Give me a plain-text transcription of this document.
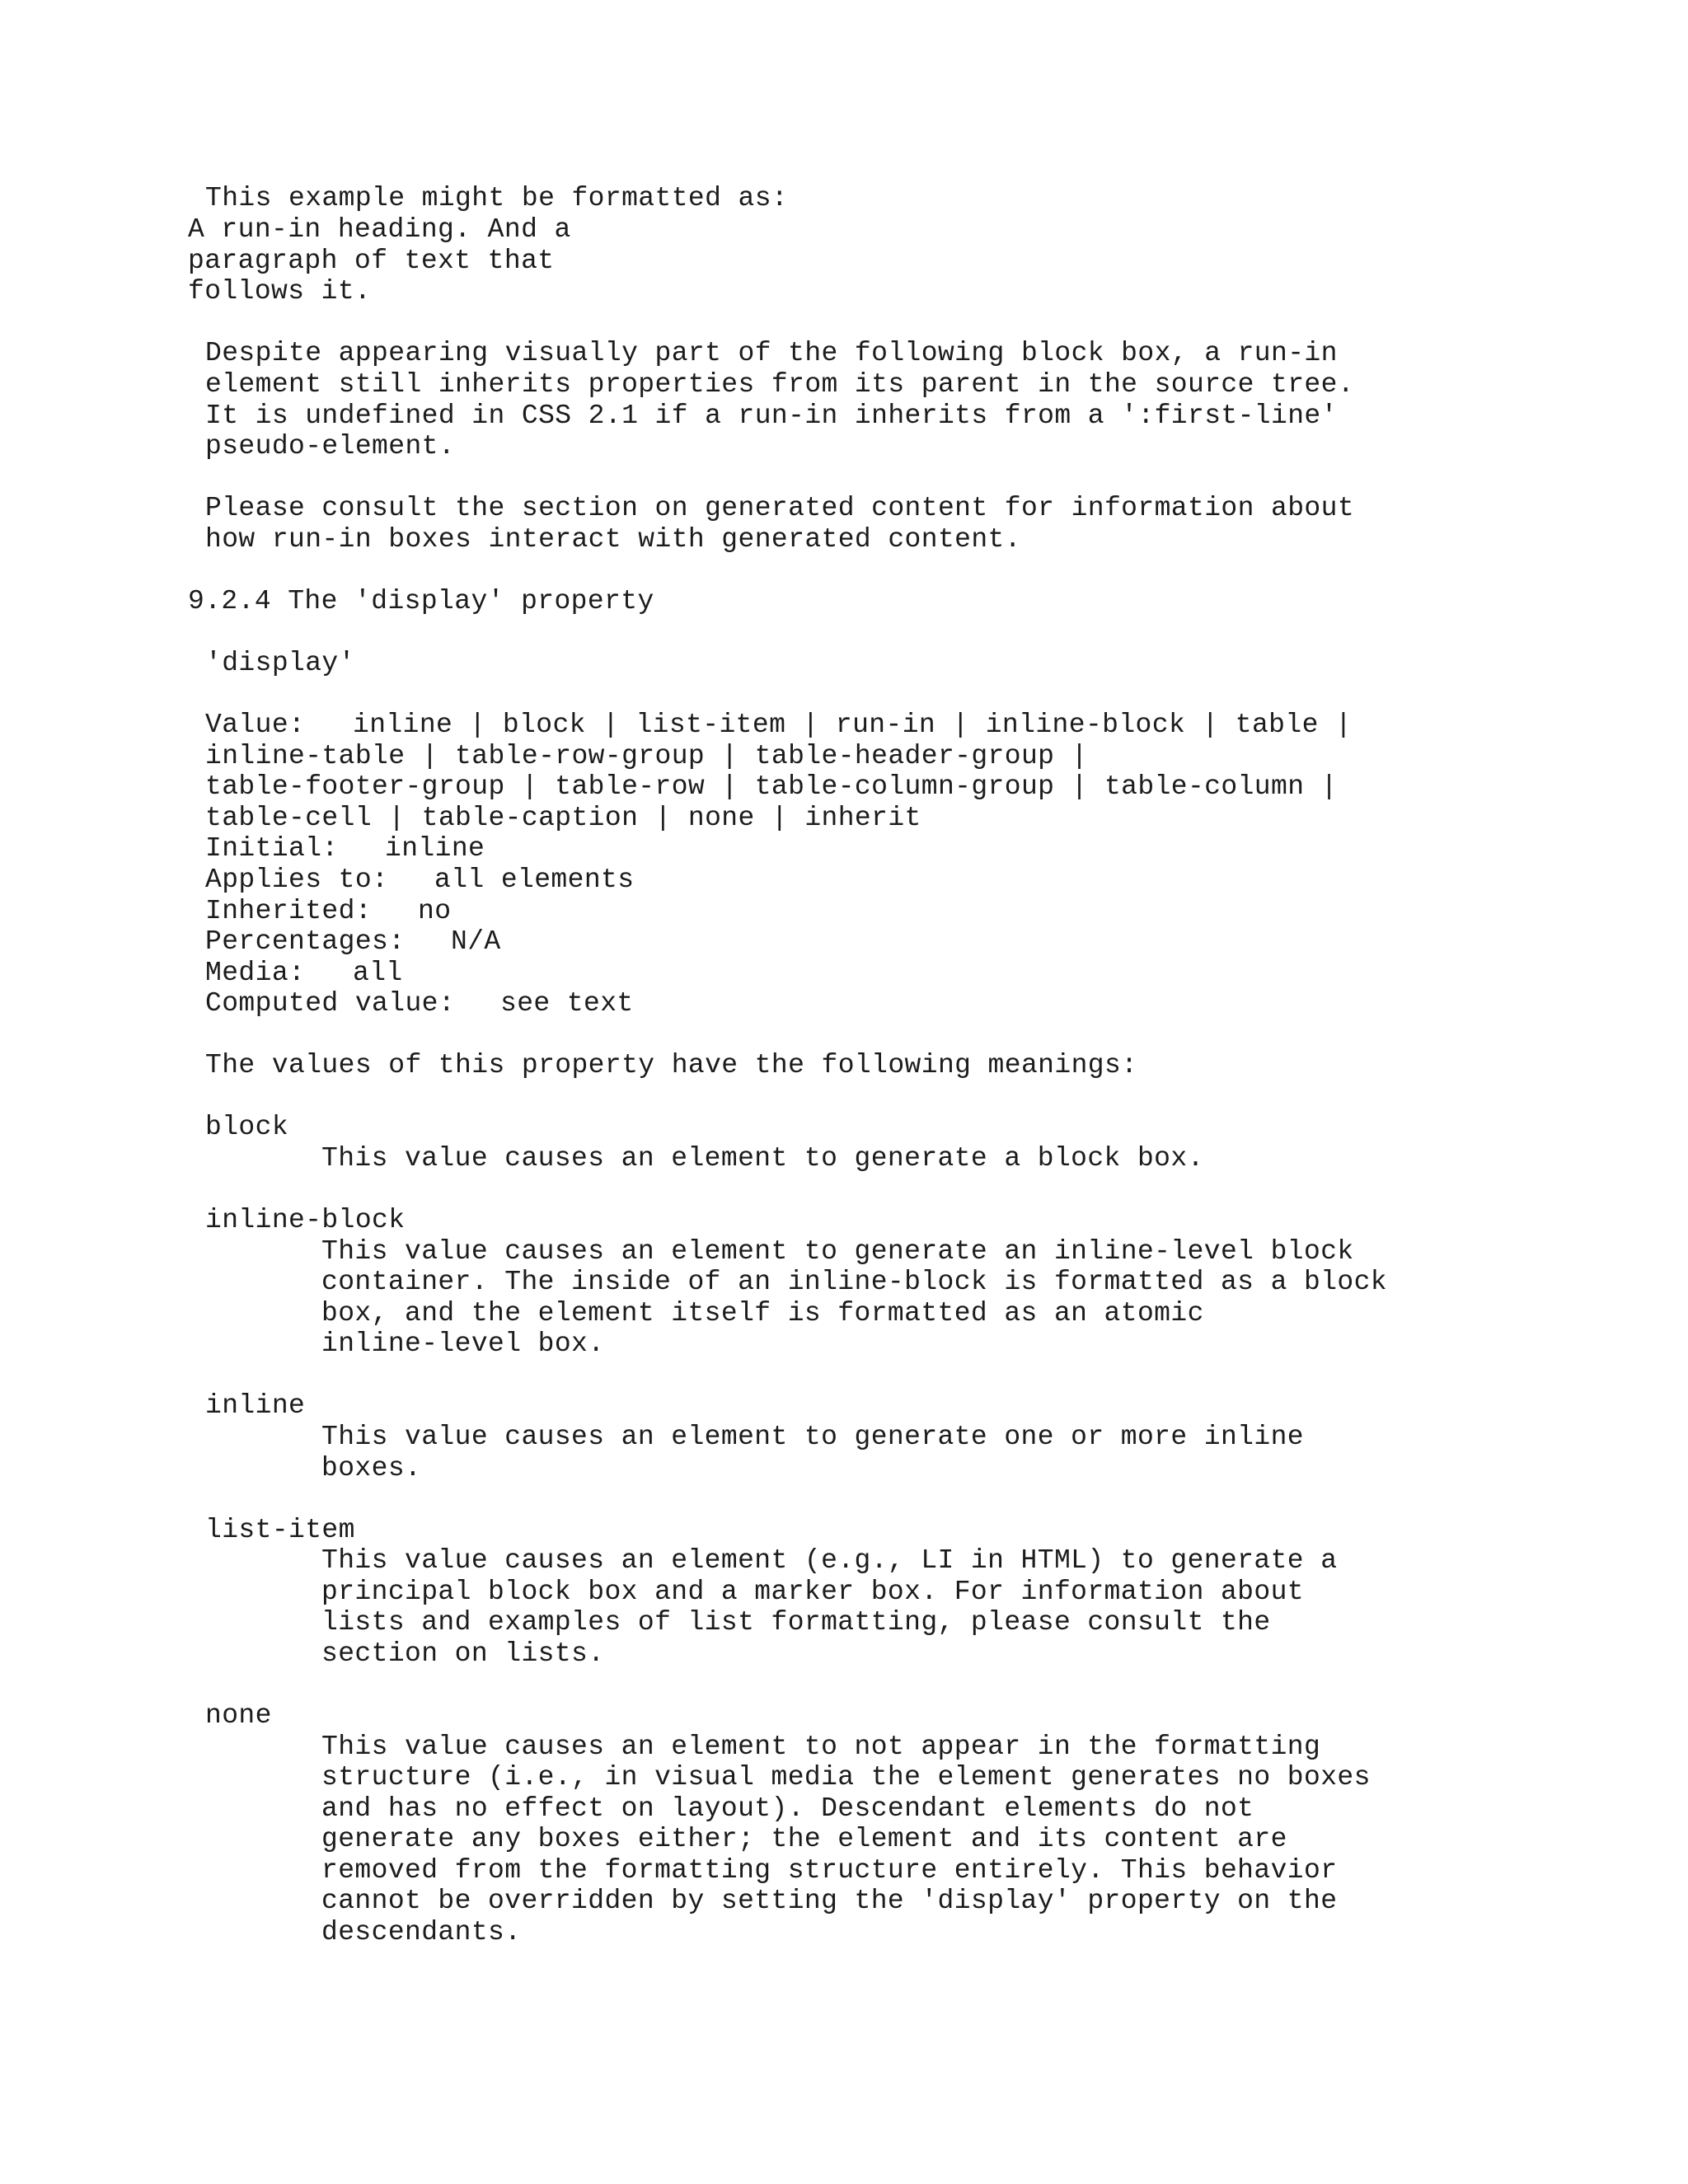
This example might be formatted as:
A run-in heading. And a
paragraph of text that
follows it.
Despite appearing visually part of the following block box, a run-in
element still inherits properties from its parent in the source tree.
It is undefined in CSS 2.1 if a run-in inherits from a ':first-line'
pseudo-element.
Please consult the section on generated content for information about
how run-in boxes interact with generated content.
9.2.4 The 'display' property
'display'
Value: inline | block | list-item | run-in | inline-block | table |
inline-table | table-row-group | table-header-group |
table-footer-group | table-row | table-column-group | table-column |
table-cell | table-caption | none | inherit
Initial: inline
Applies to: all elements
Inherited: no
Percentages: N/A
Media: all
Computed value: see text
The values of this property have the following meanings:
block
This value causes an element to generate a block box.
inline-block
This value causes an element to generate an inline-level block
container. The inside of an inline-block is formatted as a block
box, and the element itself is formatted as an atomic
inline-level box.
inline
This value causes an element to generate one or more inline
boxes.
list-item
This value causes an element (e.g., LI in HTML) to generate a
principal block box and a marker box. For information about
lists and examples of list formatting, please consult the
section on lists.
none
This value causes an element to not appear in the formatting
structure (i.e., in visual media the element generates no boxes
and has no effect on layout). Descendant elements do not
generate any boxes either; the element and its content are
removed from the formatting structure entirely. This behavior
cannot be overridden by setting the 'display' property on the
descendants.
